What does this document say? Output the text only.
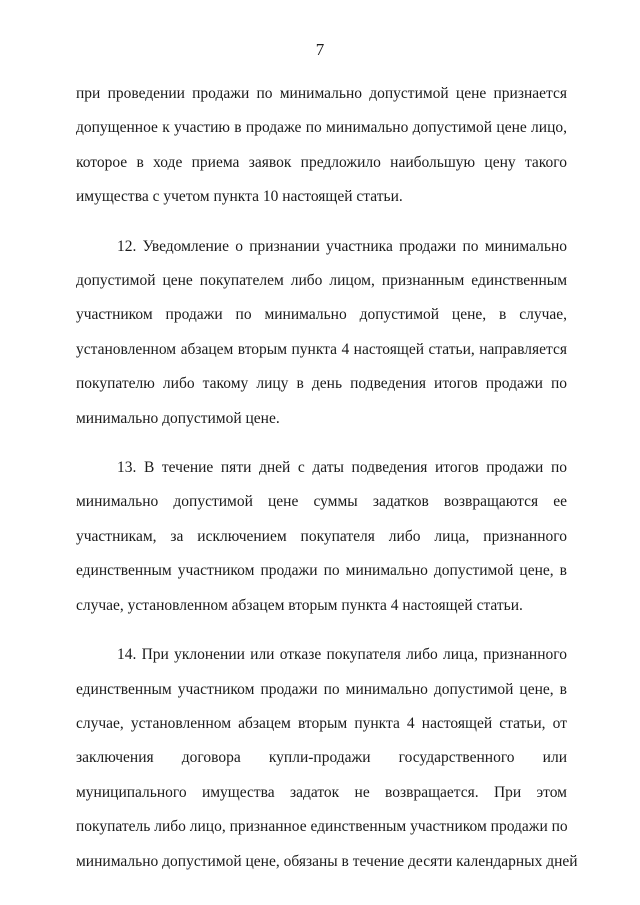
7

при проведении продажи по минимально допустимой цене признается
допущенное к участию в продаже по минимально допустимой цене лицо,
которое в ходе приема заявок предложило наибольшую цену такого
имущества с учетом пункта 10 настоящей статьи.

12. Уведомление о признании участника продажи по минимально
допустимой цене покупателем либо лицом, признанным единственным
участником продажи по минимально допустимой цене, в случае,
установленном абзацем вторым пункта 4 настоящей статьи, направляется
покупателю либо такому лицу в день подведения итогов продажи по
минимально допустимой цене.

13. В течение пяти дней с даты подведения итогов продажи по
минимально допустимой цене суммы задатков возвращаются ее
участникам, за исключением покупателя либо лица, признанного
единственным участником продажи по минимально допустимой цене, в
случае, установленном абзацем вторым пункта 4 настоящей статьи.

14. При уклонении или отказе покупателя либо лица, признанного
единственным участником продажи по минимально допустимой цене, в
случае, установленном абзацем вторым пункта 4 настоящей статьи, от
заключения договора купли-продажи государственного или
муниципального имущества задаток не возвращается. При этом
покупатель либо лицо, признанное единственным участником продажи по
минимально допустимой цене, обязаны в течение десяти календарных дней
